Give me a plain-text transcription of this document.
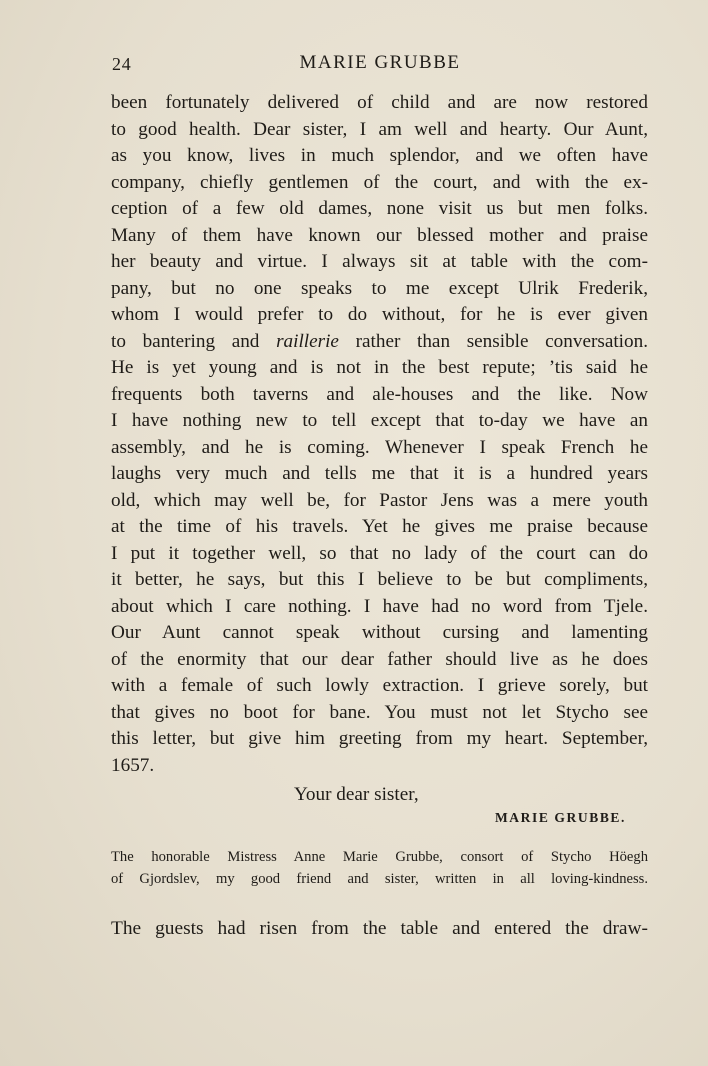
24	MARIE GRUBBE
been fortunately delivered of child and are now restored
to good health. Dear sister, I am well and hearty. Our Aunt,
as you know, lives in much splendor, and we often have
company, chiefly gentlemen of the court, and with the ex-
ception of a few old dames, none visit us but men folks.
Many of them have known our blessed mother and praise
her beauty and virtue. I always sit at table with the com-
pany, but no one speaks to me except Ulrik Frederik,
whom I would prefer to do without, for he is ever given
to bantering and raillerie rather than sensible conversation.
He is yet young and is not in the best repute; ’tis said he
frequents both taverns and ale-houses and the like. Now
I have nothing new to tell except that to-day we have an
assembly, and he is coming. Whenever I speak French he
laughs very much and tells me that it is a hundred years
old, which may well be, for Pastor Jens was a mere youth
at the time of his travels. Yet he gives me praise because
I put it together well, so that no lady of the court can do
it better, he says, but this I believe to be but compliments,
about which I care nothing. I have had no word from Tjele.
Our Aunt cannot speak without cursing and lamenting
of the enormity that our dear father should live as he does
with a female of such lowly extraction. I grieve sorely, but
that gives no boot for bane. You must not let Stycho see
this letter, but give him greeting from my heart. September,
1657.
Your dear sister,
MARIE GRUBBE.
The honorable Mistress Anne Marie Grubbe, consort of Stycho Höegh
of Gjordslev, my good friend and sister, written in all loving-kindness.
The guests had risen from the table and entered the draw-
